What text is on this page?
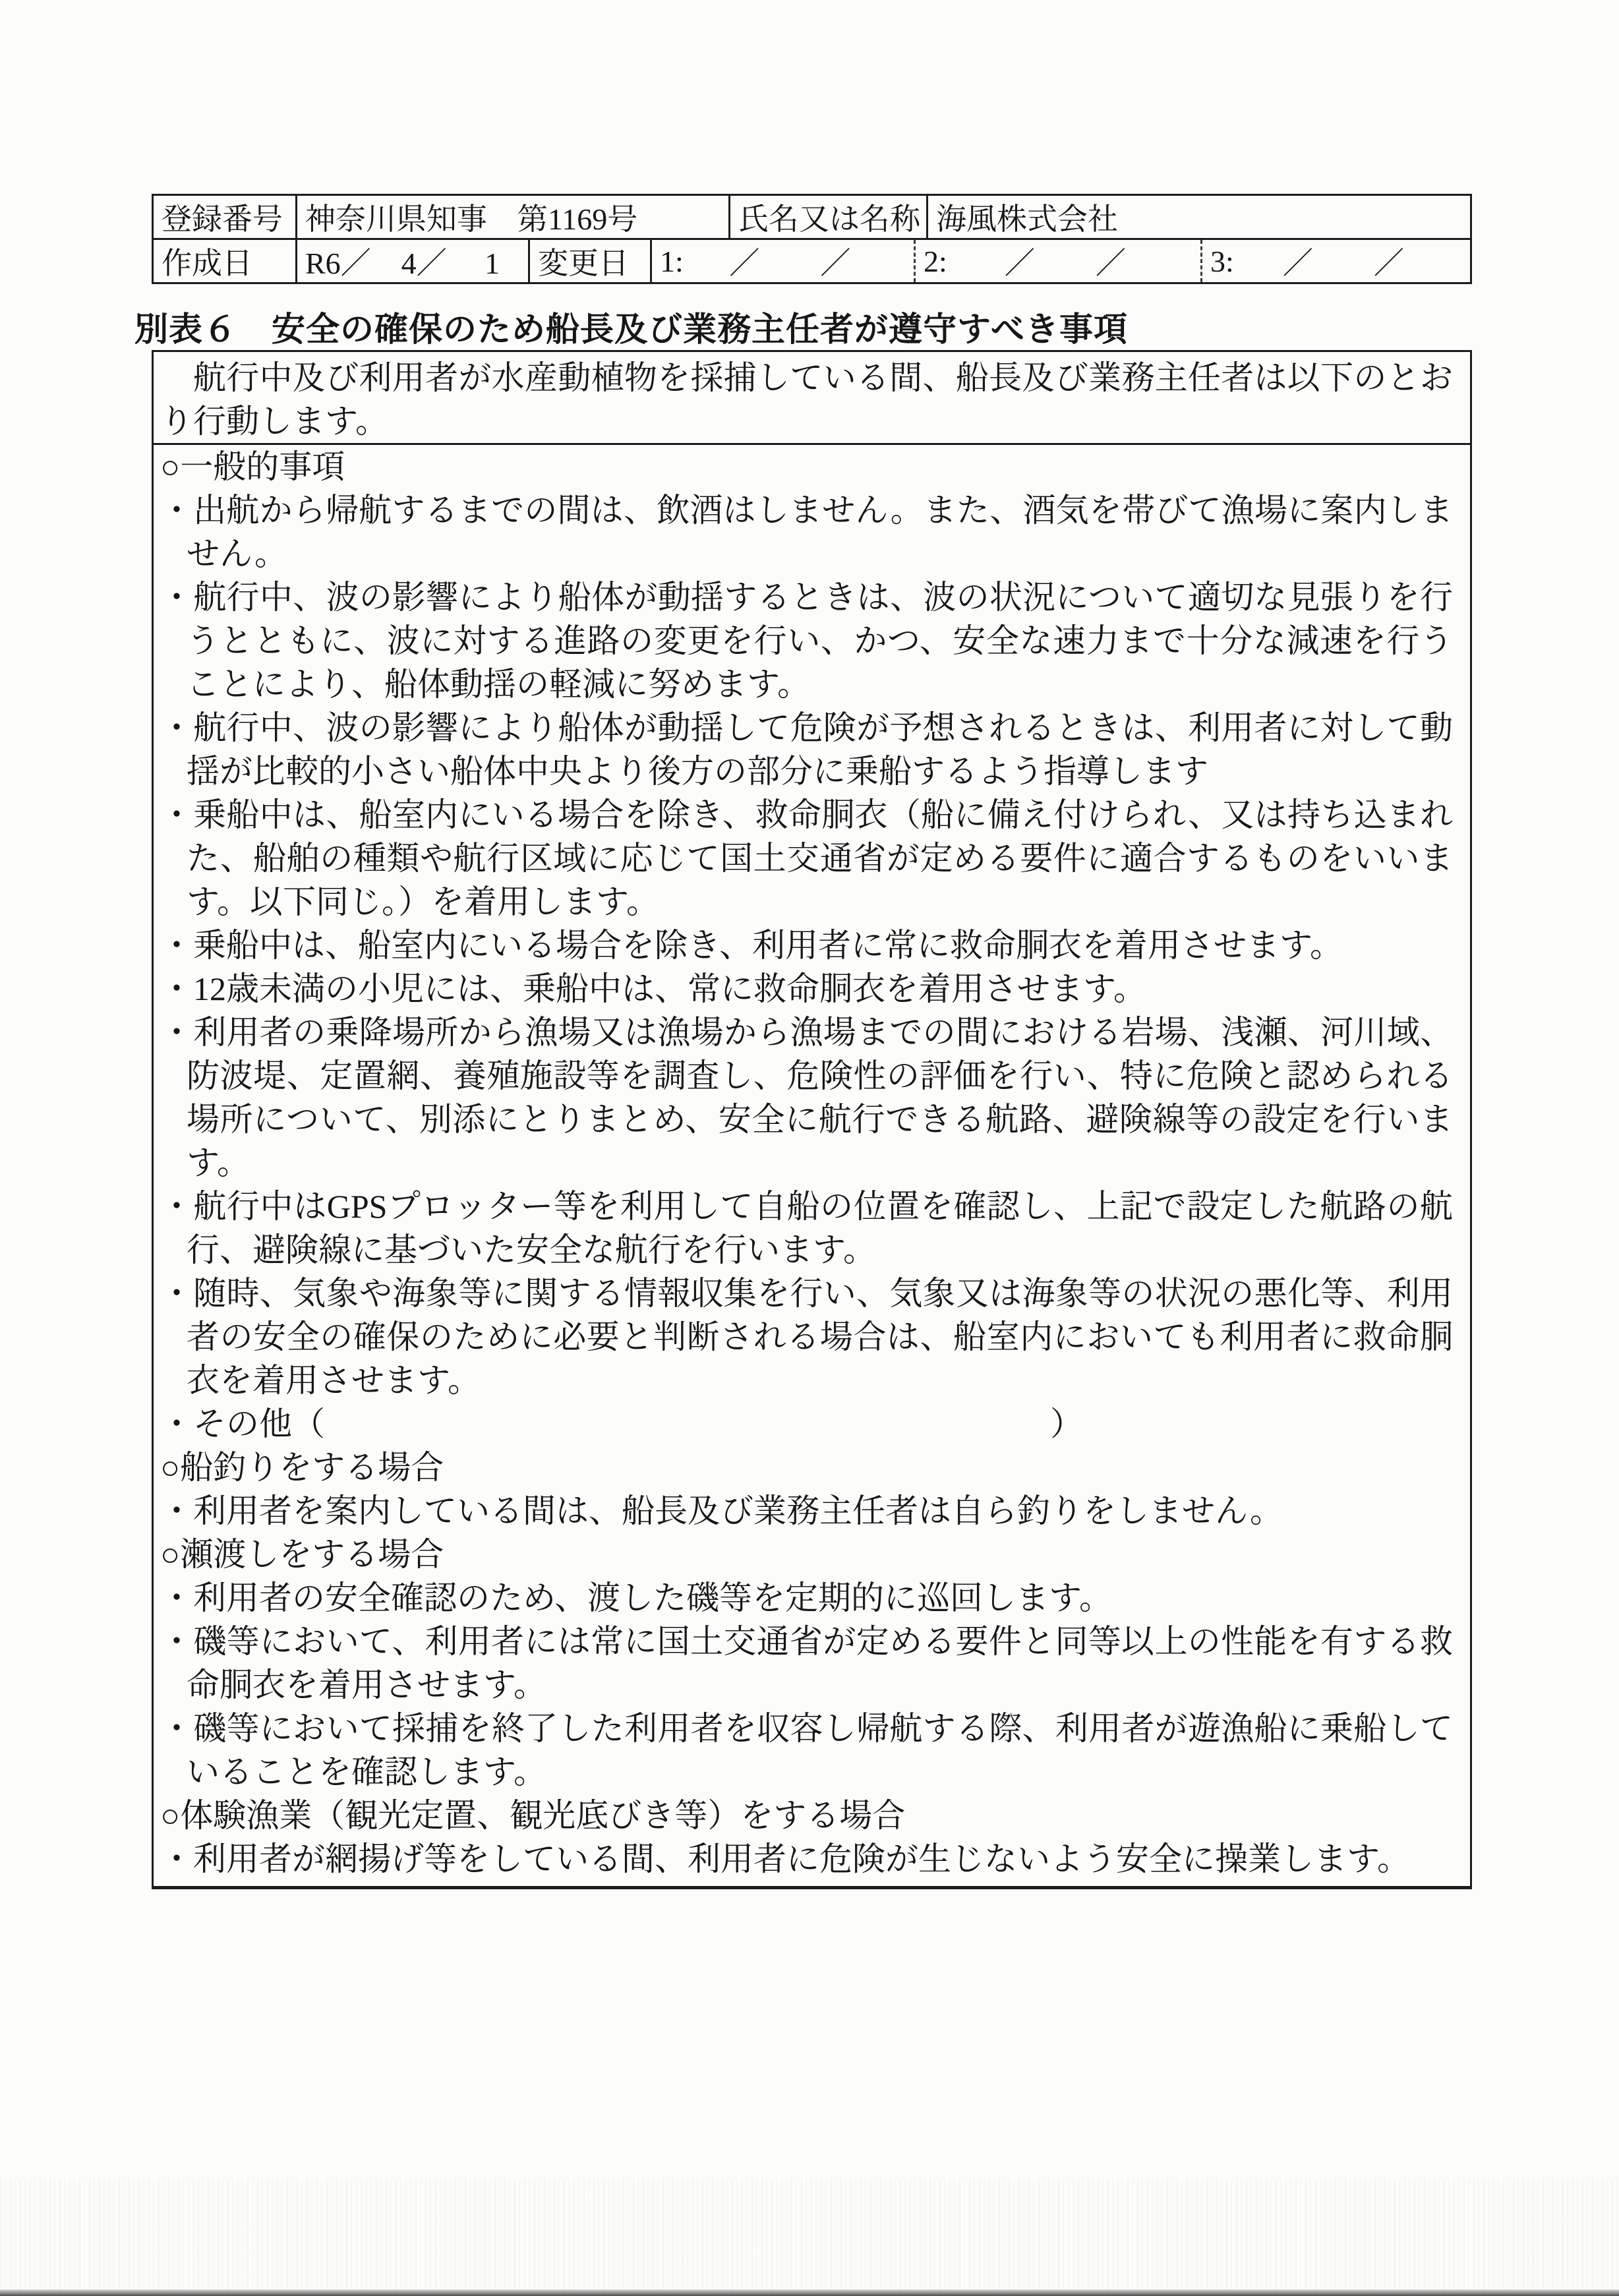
登録番号 神奈川県知事　第1169号	氏名又は名称 海風株式会社
作成日	R6／　4／　 1	変更日	1:	／　　／	2:	／　　／	3:	／　　／
別表６　安全の確保のため船長及び業務主任者が遵守すべき事項
航行中及び利用者が水産動植物を採捕している間、船長及び業務主任者は以下のとおり行動します。
○一般的事項
・出航から帰航するまでの間は、飲酒はしません。また、酒気を帯びて漁場に案内しません。
・航行中、波の影響により船体が動揺するときは、波の状況について適切な見張りを行うとともに、波に対する進路の変更を行い、かつ、安全な速力まで十分な減速を行うことにより、船体動揺の軽減に努めます。
・航行中、波の影響により船体が動揺して危険が予想されるときは、利用者に対して動揺が比較的小さい船体中央より後方の部分に乗船するよう指導します
・乗船中は、船室内にいる場合を除き、救命胴衣（船に備え付けられ、又は持ち込まれた、船舶の種類や航行区域に応じて国土交通省が定める要件に適合するものをいいます。以下同じ。）を着用します。
・乗船中は、船室内にいる場合を除き、利用者に常に救命胴衣を着用させます。
・12歳未満の小児には、乗船中は、常に救命胴衣を着用させます。
・利用者の乗降場所から漁場又は漁場から漁場までの間における岩場、浅瀬、河川域、防波堤、定置網、養殖施設等を調査し、危険性の評価を行い、特に危険と認められる場所について、別添にとりまとめ、安全に航行できる航路、避険線等の設定を行います。
・航行中はGPSプロッター等を利用して自船の位置を確認し、上記で設定した航路の航行、避険線に基づいた安全な航行を行います。
・随時、気象や海象等に関する情報収集を行い、気象又は海象等の状況の悪化等、利用者の安全の確保のために必要と判断される場合は、船室内においても利用者に救命胴衣を着用させます。
・その他（	）
○船釣りをする場合
・利用者を案内している間は、船長及び業務主任者は自ら釣りをしません。
○瀬渡しをする場合
・利用者の安全確認のため、渡した磯等を定期的に巡回します。
・磯等において、利用者には常に国土交通省が定める要件と同等以上の性能を有する救命胴衣を着用させます。
・磯等において採捕を終了した利用者を収容し帰航する際、利用者が遊漁船に乗船していることを確認します。
○体験漁業（観光定置、観光底びき等）をする場合
・利用者が網揚げ等をしている間、利用者に危険が生じないよう安全に操業します。
